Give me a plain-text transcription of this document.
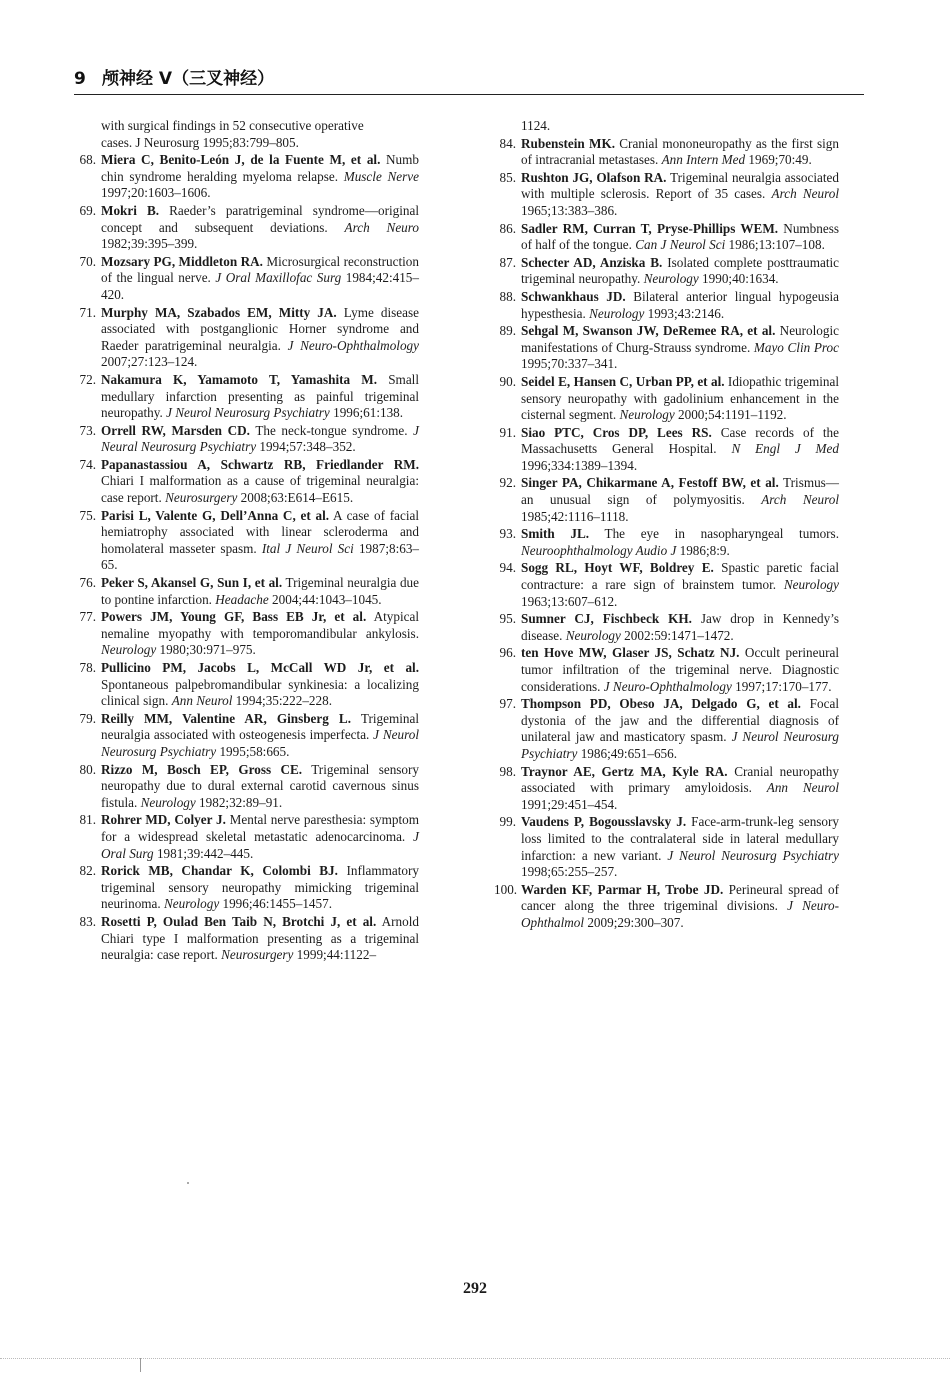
9 颅神经 V（三叉神经）
with surgical findings in 52 consecutive operative
cases. J Neurosurg 1995;83:799–805.
68. Miera C, Benito-León J, de la Fuente M, et al. Numb chin syndrome heralding myeloma relapse. Muscle Nerve 1997;20:1603–1606.
69. Mokri B. Raeder’s paratrigeminal syndrome—original concept and subsequent deviations. Arch Neuro 1982;39:395–399.
70. Mozsary PG, Middleton RA. Microsurgical reconstruction of the lingual nerve. J Oral Maxillofac Surg 1984;42:415–420.
71. Murphy MA, Szabados EM, Mitty JA. Lyme disease associated with postganglionic Horner syndrome and Raeder paratrigeminal neuralgia. J Neuro-Ophthalmology 2007;27:123–124.
72. Nakamura K, Yamamoto T, Yamashita M. Small medullary infarction presenting as painful trigeminal neuropathy. J Neurol Neurosurg Psychiatry 1996;61:138.
73. Orrell RW, Marsden CD. The neck-tongue syndrome. J Neural Neurosurg Psychiatry 1994;57:348–352.
74. Papanastassiou A, Schwartz RB, Friedlander RM. Chiari I malformation as a cause of trigeminal neuralgia: case report. Neurosurgery 2008;63:E614–E615.
75. Parisi L, Valente G, Dell’Anna C, et al. A case of facial hemiatrophy associated with linear scleroderma and homolateral masseter spasm. Ital J Neurol Sci 1987;8:63–65.
76. Peker S, Akansel G, Sun I, et al. Trigeminal neuralgia due to pontine infarction. Headache 2004;44:1043–1045.
77. Powers JM, Young GF, Bass EB Jr, et al. Atypical nemaline myopathy with temporomandibular ankylosis. Neurology 1980;30:971–975.
78. Pullicino PM, Jacobs L, McCall WD Jr, et al. Spontaneous palpebromandibular synkinesia: a localizing clinical sign. Ann Neurol 1994;35:222–228.
79. Reilly MM, Valentine AR, Ginsberg L. Trigeminal neuralgia associated with osteogenesis imperfecta. J Neurol Neurosurg Psychiatry 1995;58:665.
80. Rizzo M, Bosch EP, Gross CE. Trigeminal sensory neuropathy due to dural external carotid cavernous sinus fistula. Neurology 1982;32:89–91.
81. Rohrer MD, Colyer J. Mental nerve paresthesia: symptom for a widespread skeletal metastatic adenocarcinoma. J Oral Surg 1981;39:442–445.
82. Rorick MB, Chandar K, Colombi BJ. Inflammatory trigeminal sensory neuropathy mimicking trigeminal neurinoma. Neurology 1996;46:1455–1457.
83. Rosetti P, Oulad Ben Taib N, Brotchi J, et al. Arnold Chiari type I malformation presenting as a trigeminal neuralgia: case report. Neurosurgery 1999;44:1122–
1124.
84. Rubenstein MK. Cranial mononeuropathy as the first sign of intracranial metastases. Ann Intern Med 1969;70:49.
85. Rushton JG, Olafson RA. Trigeminal neuralgia associated with multiple sclerosis. Report of 35 cases. Arch Neurol 1965;13:383–386.
86. Sadler RM, Curran T, Pryse-Phillips WEM. Numbness of half of the tongue. Can J Neurol Sci 1986;13:107–108.
87. Schecter AD, Anziska B. Isolated complete posttraumatic trigeminal neuropathy. Neurology 1990;40:1634.
88. Schwankhaus JD. Bilateral anterior lingual hypogeusia hypesthesia. Neurology 1993;43:2146.
89. Sehgal M, Swanson JW, DeRemee RA, et al. Neurologic manifestations of Churg-Strauss syndrome. Mayo Clin Proc 1995;70:337–341.
90. Seidel E, Hansen C, Urban PP, et al. Idiopathic trigeminal sensory neuropathy with gadolinium enhancement in the cisternal segment. Neurology 2000;54:1191–1192.
91. Siao PTC, Cros DP, Lees RS. Case records of the Massachusetts General Hospital. N Engl J Med 1996;334:1389–1394.
92. Singer PA, Chikarmane A, Festoff BW, et al. Trismus—an unusual sign of polymyositis. Arch Neurol 1985;42:1116–1118.
93. Smith JL. The eye in nasopharyngeal tumors. Neuroophthalmology Audio J 1986;8:9.
94. Sogg RL, Hoyt WF, Boldrey E. Spastic paretic facial contracture: a rare sign of brainstem tumor. Neurology 1963;13:607–612.
95. Sumner CJ, Fischbeck KH. Jaw drop in Kennedy’s disease. Neurology 2002:59:1471–1472.
96. ten Hove MW, Glaser JS, Schatz NJ. Occult perineural tumor infiltration of the trigeminal nerve. Diagnostic considerations. J Neuro-Ophthalmology 1997;17:170–177.
97. Thompson PD, Obeso JA, Delgado G, et al. Focal dystonia of the jaw and the differential diagnosis of unilateral jaw and masticatory spasm. J Neurol Neurosurg Psychiatry 1986;49:651–656.
98. Traynor AE, Gertz MA, Kyle RA. Cranial neuropathy associated with primary amyloidosis. Ann Neurol 1991;29:451–454.
99. Vaudens P, Bogousslavsky J. Face-arm-trunk-leg sensory loss limited to the contralateral side in lateral medullary infarction: a new variant. J Neurol Neurosurg Psychiatry 1998;65:255–257.
100. Warden KF, Parmar H, Trobe JD. Perineural spread of cancer along the three trigeminal divisions. J Neuro-Ophthalmol 2009;29:300–307.
292
